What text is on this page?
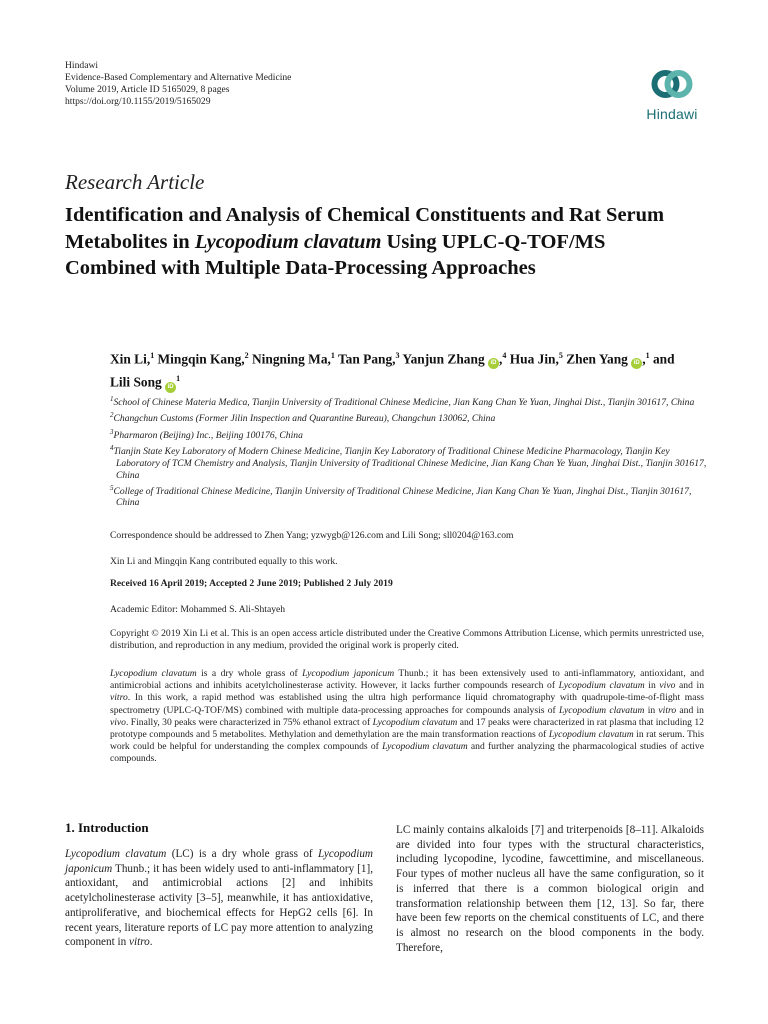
Hindawi
Evidence-Based Complementary and Alternative Medicine
Volume 2019, Article ID 5165029, 8 pages
https://doi.org/10.1155/2019/5165029
Hindawi
Research Article
Identification and Analysis of Chemical Constituents and Rat Serum Metabolites in Lycopodium clavatum Using UPLC-Q-TOF/MS Combined with Multiple Data-Processing Approaches
Xin Li,$^1$ Mingqin Kang,$^2$ Ningning Ma,$^1$ Tan Pang,$^3$ Yanjun Zhang iD ,$^4$ Hua Jin,$^5$ Zhen Yang iD ,$^1$ and Lili Song $iD^1$
$^1$School of Chinese Materia Medica, Tianjin University of Traditional Chinese Medicine, Jian Kang Chan Ye Yuan, Jinghai Dist., Tianjin 301617, China
$^2$Changchun Customs (Former Jilin Inspection and Quarantine Bureau), Changchun 130062, China
$^3$Pharmaron (Beijing) Inc., Beijing 100176, China
$^4$Tianjin State Key Laboratory of Modern Chinese Medicine, Tianjin Key Laboratory of Traditional Chinese Medicine Pharmacology, Tianjin Key Laboratory of TCM Chemistry and Analysis, Tianjin University of Traditional Chinese Medicine, Jian Kang Chan Ye Yuan, Jinghai Dist., Tianjin 301617, China
$^5$College of Traditional Chinese Medicine, Tianjin University of Traditional Chinese Medicine, Jian Kang Chan Ye Yuan, Jinghai Dist., Tianjin 301617, China
Correspondence should be addressed to Zhen Yang; yzwygb@126.com and Lili Song; sll0204@163.com
Xin Li and Mingqin Kang contributed equally to this work.
Received 16 April 2019; Accepted 2 June 2019; Published 2 July 2019
Academic Editor: Mohammed S. Ali-Shtayeh
Copyright © 2019 Xin Li et al. This is an open access article distributed under the Creative Commons Attribution License, which permits unrestricted use, distribution, and reproduction in any medium, provided the original work is properly cited.
Lycopodium clavatum is a dry whole grass of Lycopodium japonicum Thunb.; it has been extensively used to anti-inflammatory, antioxidant, and antimicrobial actions and inhibits acetylcholinesterase activity. However, it lacks further compounds research of Lycopodium clavatum in vivo and in vitro. In this work, a rapid method was established using the ultra high performance liquid chromatography with quadrupole-time-of-flight mass spectrometry (UPLC-Q-TOF/MS) combined with multiple data-processing approaches for compounds analysis of Lycopodium clavatum in vitro and in vivo. Finally, 30 peaks were characterized in 75% ethanol extract of Lycopodium clavatum and 17 peaks were characterized in rat plasma that including 12 prototype compounds and 5 metabolites. Methylation and demethylation are the main transformation reactions of Lycopodium clavatum in rat serum. This work could be helpful for understanding the complex compounds of Lycopodium clavatum and further analyzing the pharmacological studies of active compounds.
1. Introduction
Lycopodium clavatum (LC) is a dry whole grass of Lycopodium japonicum Thunb.; it has been widely used to anti-inflammatory [1], antioxidant, and antimicrobial actions [2] and inhibits acetylcholinesterase activity [3–5], meanwhile, it has antioxidative, antiproliferative, and biochemical effects for HepG2 cells [6]. In recent years, literature reports of LC pay more attention to analyzing component in vitro.
LC mainly contains alkaloids [7] and triterpenoids [8–11]. Alkaloids are divided into four types with the structural characteristics, including lycopodine, lycodine, fawcettimine, and miscellaneous. Four types of mother nucleus all have the same configuration, so it is inferred that there is a common biological origin and transformation relationship between them [12, 13]. So far, there have been few reports on the chemical constituents of LC, and there is almost no research on the blood components in the body. Therefore,
